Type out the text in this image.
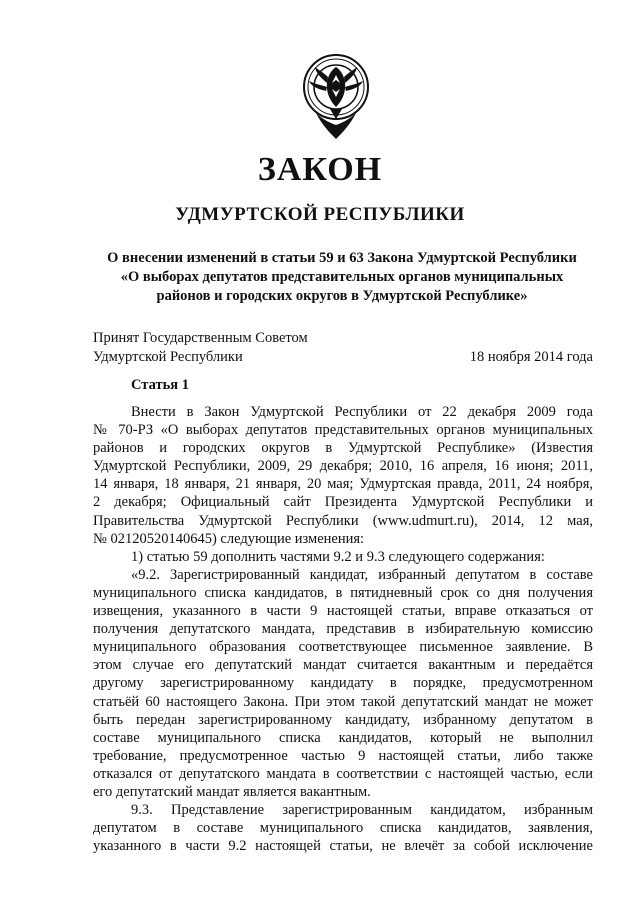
ЗАКОН
УДМУРТСКОЙ РЕСПУБЛИКИ
О внесении изменений в статьи 59 и 63 Закона Удмуртской Республики
«О выборах депутатов представительных органов муниципальных
районов и городских округов в Удмуртской Республике»
Принят Государственным Советом
Удмуртской Республики	18 ноября 2014 года
Статья 1
Внести в Закон Удмуртской Республики от 22 декабря 2009 года
№ 70-РЗ «О выборах депутатов представительных органов муниципальных
районов и городских округов в Удмуртской Республике» (Известия
Удмуртской Республики, 2009, 29 декабря; 2010, 16 апреля, 16 июня; 2011,
14 января, 18 января, 21 января, 20 мая; Удмуртская правда, 2011, 24 ноября,
2 декабря; Официальный сайт Президента Удмуртской Республики и
Правительства Удмуртской Республики (www.udmurt.ru), 2014, 12 мая,
№ 02120520140645) следующие изменения:
1) статью 59 дополнить частями 9.2 и 9.3 следующего содержания:
«9.2. Зарегистрированный кандидат, избранный депутатом в составе
муниципального списка кандидатов, в пятидневный срок со дня получения
извещения, указанного в части 9 настоящей статьи, вправе отказаться от
получения депутатского мандата, представив в избирательную комиссию
муниципального образования соответствующее письменное заявление. В
этом случае его депутатский мандат считается вакантным и передаётся
другому зарегистрированному кандидату в порядке, предусмотренном
статьёй 60 настоящего Закона. При этом такой депутатский мандат не может
быть передан зарегистрированному кандидату, избранному депутатом в
составе муниципального списка кандидатов, который не выполнил
требование, предусмотренное частью 9 настоящей статьи, либо также
отказался от депутатского мандата в соответствии с настоящей частью, если
его депутатский мандат является вакантным.
9.3. Представление зарегистрированным кандидатом, избранным
депутатом в составе муниципального списка кандидатов, заявления,
указанного в части 9.2 настоящей статьи, не влечёт за собой исключение
